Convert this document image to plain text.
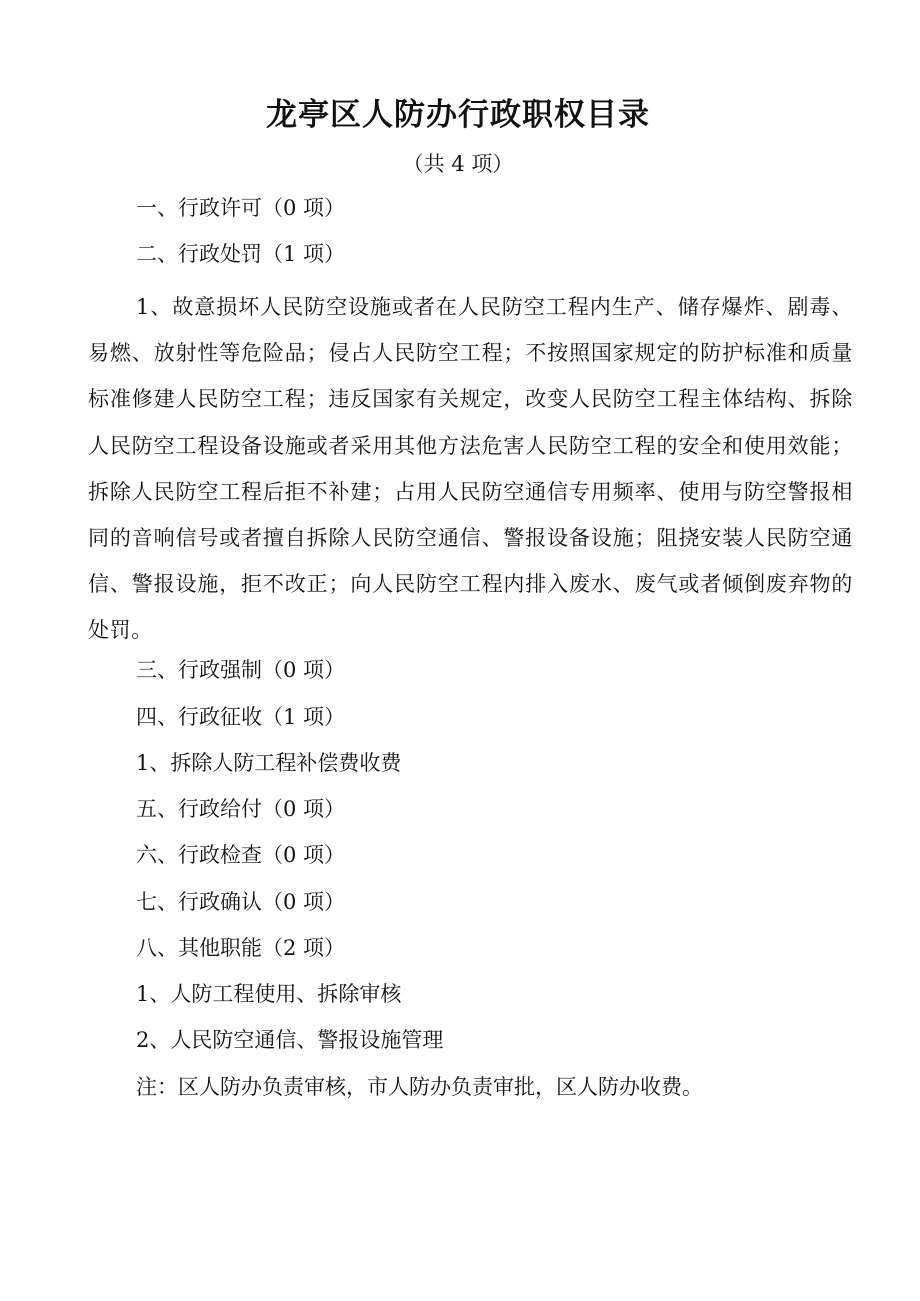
龙亭区人防办行政职权目录
（共 4 项）
一、行政许可（0 项）
二、行政处罚（1 项）
1、故意损坏人民防空设施或者在人民防空工程内生产、储存爆炸、剧毒、易燃、放射性等危险品；侵占人民防空工程；不按照国家规定的防护标准和质量标准修建人民防空工程；违反国家有关规定，改变人民防空工程主体结构、拆除人民防空工程设备设施或者采用其他方法危害人民防空工程的安全和使用效能；拆除人民防空工程后拒不补建；占用人民防空通信专用频率、使用与防空警报相同的音响信号或者擅自拆除人民防空通信、警报设备设施；阻挠安装人民防空通信、警报设施，拒不改正；向人民防空工程内排入废水、废气或者倾倒废弃物的处罚。
三、行政强制（0 项）
四、行政征收（1 项）
1、拆除人防工程补偿费收费
五、行政给付（0 项）
六、行政检查（0 项）
七、行政确认（0 项）
八、其他职能（2 项）
1、人防工程使用、拆除审核
2、人民防空通信、警报设施管理
注：区人防办负责审核，市人防办负责审批，区人防办收费。
